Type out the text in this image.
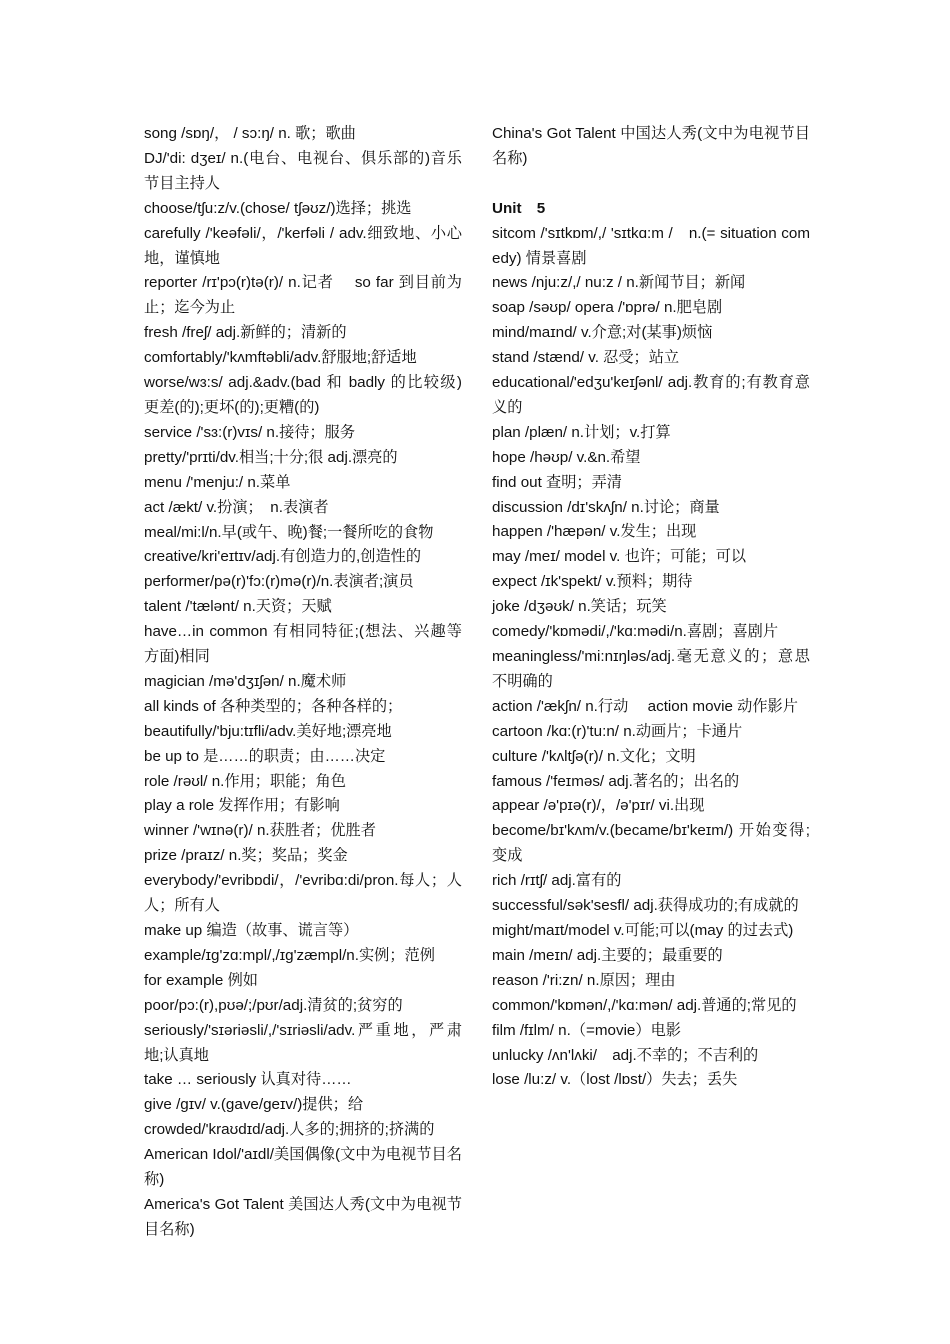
song /sɒŋ/， / sɔ:ŋ/ n. 歌；歌曲

DJ/'di: dʒeɪ/ n.(电台、电视台、俱乐部的)音乐节目主持人

choose/tʃu:z/v.(chose/ tʃəʊz/)选择；挑选

carefully /'keəfəli/，/'kerfəli / adv.细致地、小心地，谨慎地

reporter /rɪ'pɔ(r)tə(r)/ n.记者　 so far 到目前为止；迄今为止

fresh /freʃ/ adj.新鲜的；清新的

comfortably/'kʌmftəbli/adv.舒服地;舒适地

worse/wɜ:s/ adj.&adv.(bad 和 badly 的比较级)更差(的);更坏(的);更糟(的)

service /'sɜ:(r)vɪs/ n.接待；服务

pretty/'prɪti/dv.相当;十分;很 adj.漂亮的

menu /'menju:/ n.菜单

act /ækt/ v.扮演；　n.表演者

meal/mi:l/n.早(或午、晚)餐;一餐所吃的食物

creative/kri'eɪtɪv/adj.有创造力的,创造性的

performer/pə(r)'fɔ:(r)mə(r)/n.表演者;演员

talent /'tælənt/ n.天资；天赋

have…in common 有相同特征;(想法、兴趣等方面)相同

magician /mə'dʒɪʃən/ n.魔术师

all kinds of 各种类型的；各种各样的；

beautifully/'bju:tɪfli/adv.美好地;漂亮地

be up to 是……的职责；由……决定

role /rəʊl/ n.作用；职能；角色

play a role 发挥作用；有影响

winner /'wɪnə(r)/ n.获胜者；优胜者

prize /praɪz/ n.奖；奖品；奖金

everybody/'evribɒdi/，/'evribɑ:di/pron.每人；人人；所有人

make up 编造（故事、谎言等）

example/ɪg'zɑ:mpl/,/ɪg'zæmpl/n.实例；范例

for example 例如

poor/pɔ:(r),pʊə/;/pʊr/adj.清贫的;贫穷的

seriously/'sɪəriəsli/,/'sɪriəsli/adv.严重地，严肃地;认真地

take … seriously 认真对待……

give /gɪv/ v.(gave/geɪv/)提供；给

crowded/'kraʊdɪd/adj.人多的;拥挤的;挤满的

American Idol/'aɪdl/美国偶像(文中为电视节目名称)

America's Got Talent 美国达人秀(文中为电视节目名称)

China's Got Talent 中国达人秀(文中为电视节目名称)

Unit　5

sitcom /'sɪtkɒm/,/ 'sɪtkɑ:m /　n.(= situation comedy) 情景喜剧

news /nju:z/,/ nu:z / n.新闻节目；新闻

soap /səʊp/ opera /'ɒprə/ n.肥皂剧

mind/maɪnd/ v.介意;对(某事)烦恼

stand /stænd/ v. 忍受；站立

educational/'edʒu'keɪʃənl/ adj.教育的;有教育意义的

plan /plæn/ n.计划；v.打算

hope /həʊp/ v.&n.希望

find out 查明；弄清

discussion /dɪ'skʌʃn/ n.讨论；商量

happen /'hæpən/ v.发生；出现

may /meɪ/ model v. 也许；可能；可以

expect /ɪk'spekt/ v.预料；期待

joke /dʒəʊk/ n.笑话；玩笑

comedy/'kɒmədi/,/'kɑ:mədi/n.喜剧；喜剧片

meaningless/'mi:nɪŋləs/adj.毫无意义的；意思不明确的

action /'ækʃn/ n.行动　 action movie 动作影片

cartoon /kɑ:(r)'tu:n/ n.动画片；卡通片

culture /'kʌltʃə(r)/ n.文化；文明

famous /'feɪməs/ adj.著名的；出名的

appear /ə'pɪə(r)/，/ə'pɪr/ vi.出现

become/bɪ'kʌm/v.(became/bɪ'keɪm/) 开始变得;变成

rich /rɪtʃ/ adj.富有的

successful/sək'sesfl/ adj.获得成功的;有成就的

might/maɪt/model v.可能;可以(may 的过去式)

main /meɪn/ adj.主要的；最重要的

reason /'ri:zn/ n.原因；理由

common/'kɒmən/,/'kɑ:mən/ adj.普通的;常见的

film /fɪlm/ n.（=movie）电影

unlucky /ʌn'lʌki/　adj.不幸的；不吉利的

lose /lu:z/ v.（lost /lɒst/）失去；丢失
